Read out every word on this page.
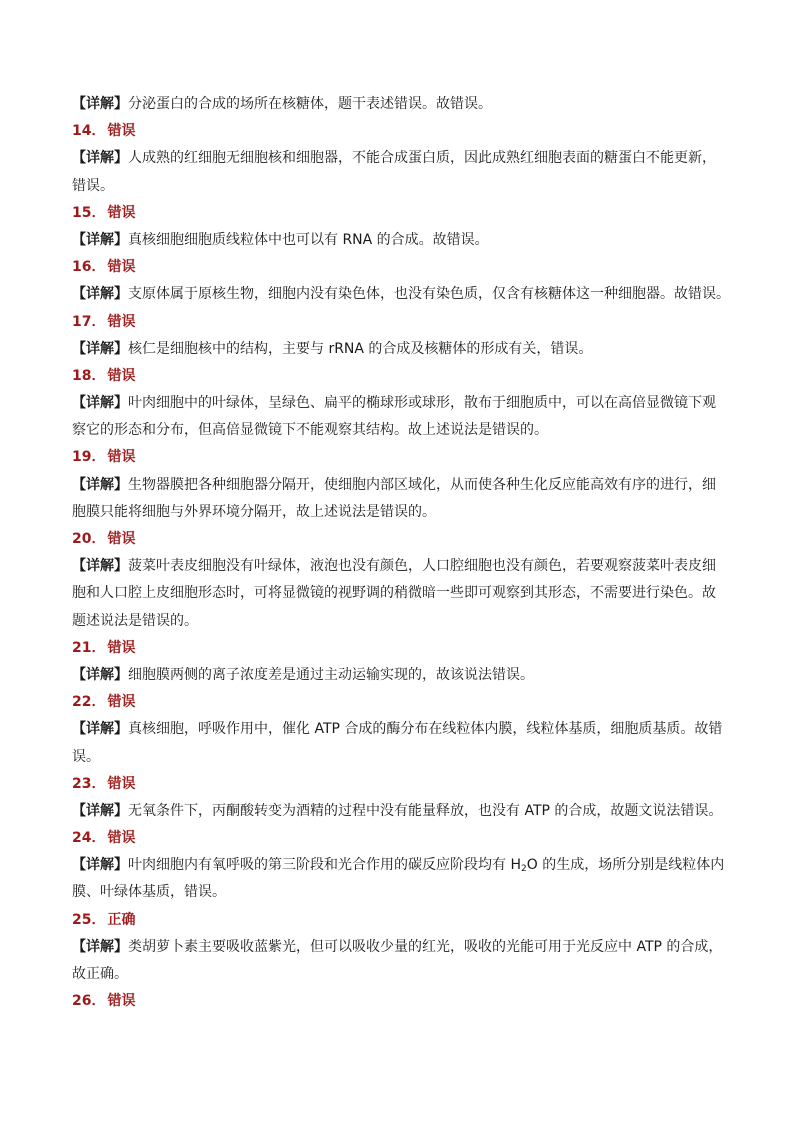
【详解】分泌蛋白的合成的场所在核糖体，题干表述错误。故错误。
14． 错误
【详解】人成熟的红细胞无细胞核和细胞器，不能合成蛋白质，因此成熟红细胞表面的糖蛋白不能更新，
错误。
15． 错误
【详解】真核细胞细胞质线粒体中也可以有 RNA 的合成。故错误。
16． 错误
【详解】支原体属于原核生物，细胞内没有染色体，也没有染色质，仅含有核糖体这一种细胞器。故错误。
17． 错误
【详解】核仁是细胞核中的结构，主要与 rRNA 的合成及核糖体的形成有关，错误。
18． 错误
【详解】叶肉细胞中的叶绿体，呈绿色、扁平的椭球形或球形，散布于细胞质中，可以在高倍显微镜下观
察它的形态和分布，但高倍显微镜下不能观察其结构。故上述说法是错误的。
19． 错误
【详解】生物器膜把各种细胞器分隔开，使细胞内部区域化，从而使各种生化反应能高效有序的进行，细
胞膜只能将细胞与外界环境分隔开，故上述说法是错误的。
20． 错误
【详解】菠菜叶表皮细胞没有叶绿体，液泡也没有颜色，人口腔细胞也没有颜色，若要观察菠菜叶表皮细
胞和人口腔上皮细胞形态时，可将显微镜的视野调的稍微暗一些即可观察到其形态，不需要进行染色。故
题述说法是错误的。
21． 错误
【详解】细胞膜两侧的离子浓度差是通过主动运输实现的，故该说法错误。
22． 错误
【详解】真核细胞，呼吸作用中，催化 ATP 合成的酶分布在线粒体内膜，线粒体基质，细胞质基质。故错
误。
23． 错误
【详解】无氧条件下，丙酮酸转变为酒精的过程中没有能量释放，也没有 ATP 的合成，故题文说法错误。
24． 错误
【详解】叶肉细胞内有氧呼吸的第三阶段和光合作用的碳反应阶段均有 $H_2O$ 的生成，场所分别是线粒体内
膜、叶绿体基质，错误。
25． 正确
【详解】类胡萝卜素主要吸收蓝紫光，但可以吸收少量的红光，吸收的光能可用于光反应中 ATP 的合成，
故正确。
26． 错误
